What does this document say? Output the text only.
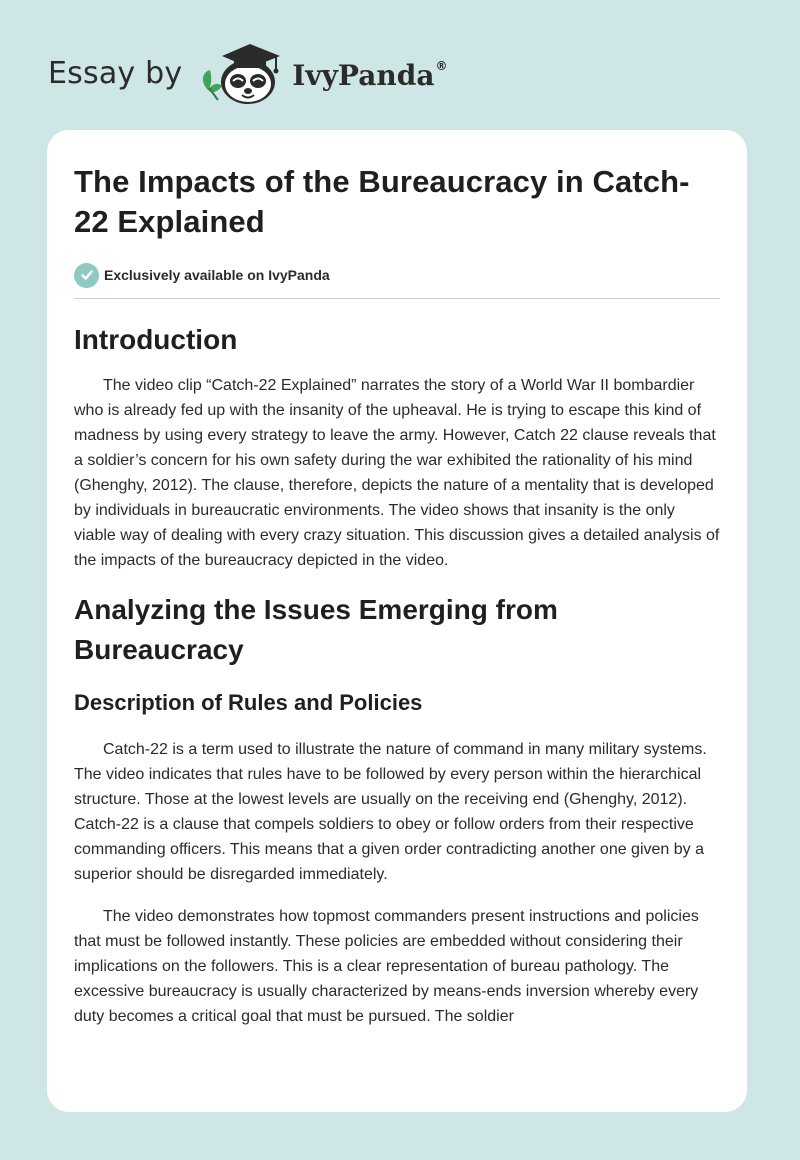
Essay by	IvyPanda®
The Impacts of the Bureaucracy in Catch-22 Explained
Exclusively available on IvyPanda
Introduction

The video clip “Catch-22 Explained” narrates the story of a World War II bombardier who is already fed up with the insanity of the upheaval. He is trying to escape this kind of madness by using every strategy to leave the army. However, Catch 22 clause reveals that a soldier’s concern for his own safety during the war exhibited the rationality of his mind (Ghenghy, 2012). The clause, therefore, depicts the nature of a mentality that is developed by individuals in bureaucratic environments. The video shows that insanity is the only viable way of dealing with every crazy situation. This discussion gives a detailed analysis of the impacts of the bureaucracy depicted in the video.

Analyzing the Issues Emerging from Bureaucracy
Description of Rules and Policies

Catch-22 is a term used to illustrate the nature of command in many military systems. The video indicates that rules have to be followed by every person within the hierarchical structure. Those at the lowest levels are usually on the receiving end (Ghenghy, 2012). Catch-22 is a clause that compels soldiers to obey or follow orders from their respective commanding officers. This means that a given order contradicting another one given by a superior should be disregarded immediately.

The video demonstrates how topmost commanders present instructions and policies that must be followed instantly. These policies are embedded without considering their implications on the followers. This is a clear representation of bureau pathology. The excessive bureaucracy is usually characterized by means-ends inversion whereby every duty becomes a critical goal that must be pursued. The soldier
